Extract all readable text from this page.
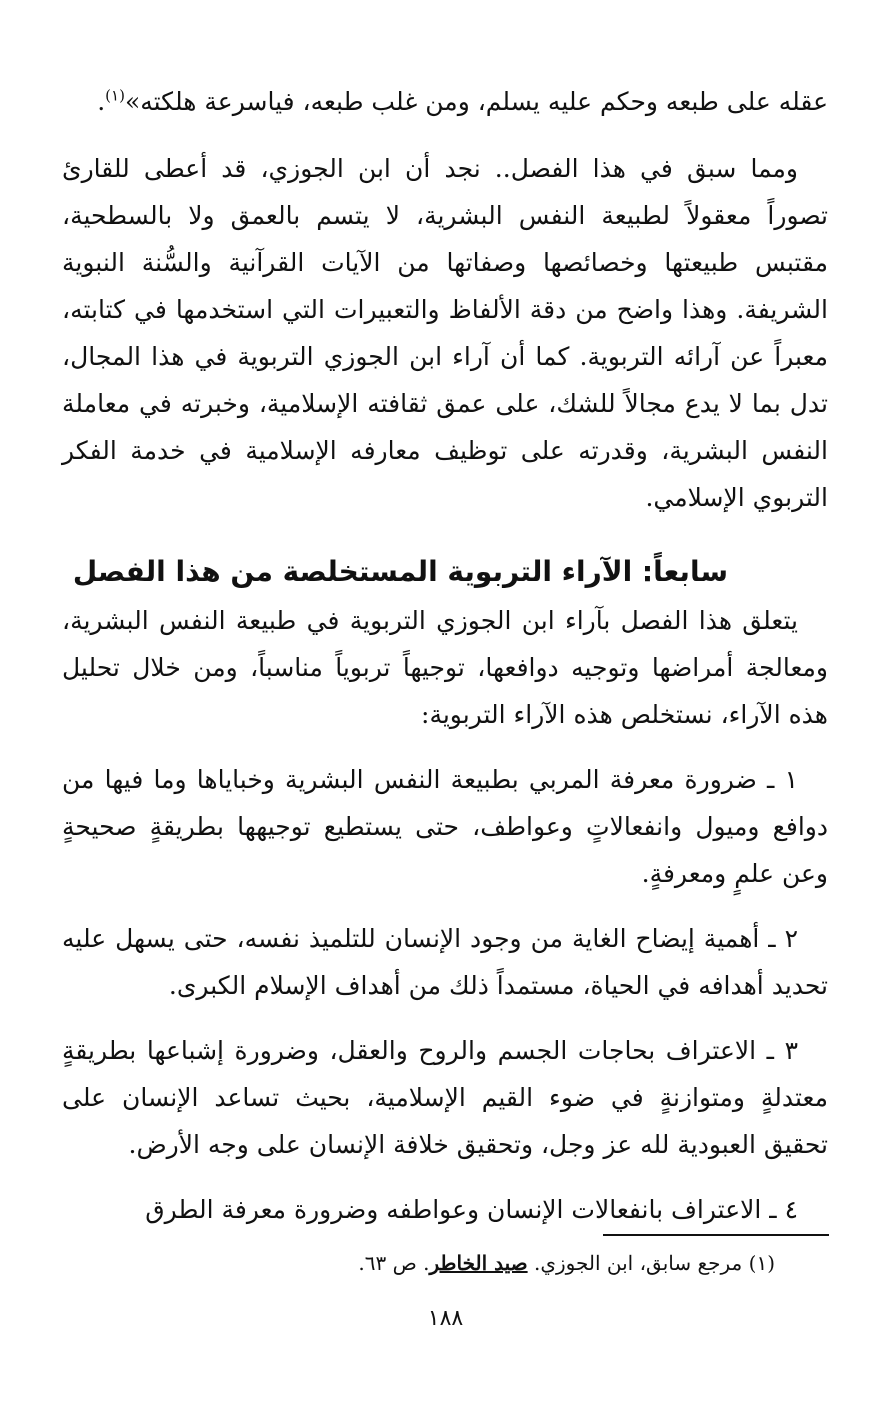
عقله على طبعه وحكم عليه يسلم، ومن غلب طبعه، فياسرعة هلكته»$^{(١)}$.

ومما سبق في هذا الفصل.. نجد أن ابن الجوزي، قد أعطى للقارئ تصوراً معقولاً لطبيعة النفس البشرية، لا يتسم بالعمق ولا بالسطحية، مقتبس طبيعتها وخصائصها وصفاتها من الآيات القرآنية والسُّنة النبوية الشريفة. وهذا واضح من دقة الألفاظ والتعبيرات التي استخدمها في كتابته، معبراً عن آرائه التربوية. كما أن آراء ابن الجوزي التربوية في هذا المجال، تدل بما لا يدع مجالاً للشك، على عمق ثقافته الإسلامية، وخبرته في معاملة النفس البشرية، وقدرته على توظيف معارفه الإسلامية في خدمة الفكر التربوي الإسلامي.

سابعاً: الآراء التربوية المستخلصة من هذا الفصل

يتعلق هذا الفصل بآراء ابن الجوزي التربوية في طبيعة النفس البشرية، ومعالجة أمراضها وتوجيه دوافعها، توجيهاً تربوياً مناسباً، ومن خلال تحليل هذه الآراء، نستخلص هذه الآراء التربوية:

١ ـ ضرورة معرفة المربي بطبيعة النفس البشرية وخباياها وما فيها من دوافع وميول وانفعالاتٍ وعواطف، حتى يستطيع توجيهها بطريقةٍ صحيحةٍ وعن علمٍ ومعرفةٍ.

٢ ـ أهمية إيضاح الغاية من وجود الإنسان للتلميذ نفسه، حتى يسهل عليه تحديد أهدافه في الحياة، مستمداً ذلك من أهداف الإسلام الكبرى.

٣ ـ الاعتراف بحاجات الجسم والروح والعقل، وضرورة إشباعها بطريقةٍ معتدلةٍ ومتوازنةٍ في ضوء القيم الإسلامية، بحيث تساعد الإنسان على تحقيق العبودية لله عز وجل، وتحقيق خلافة الإنسان على وجه الأرض.

٤ ـ الاعتراف بانفعالات الإنسان وعواطفه وضرورة معرفة الطرق

(١) مرجع سابق، ابن الجوزي. صيد الخاطر. ص ٦٣.
١٨٨
